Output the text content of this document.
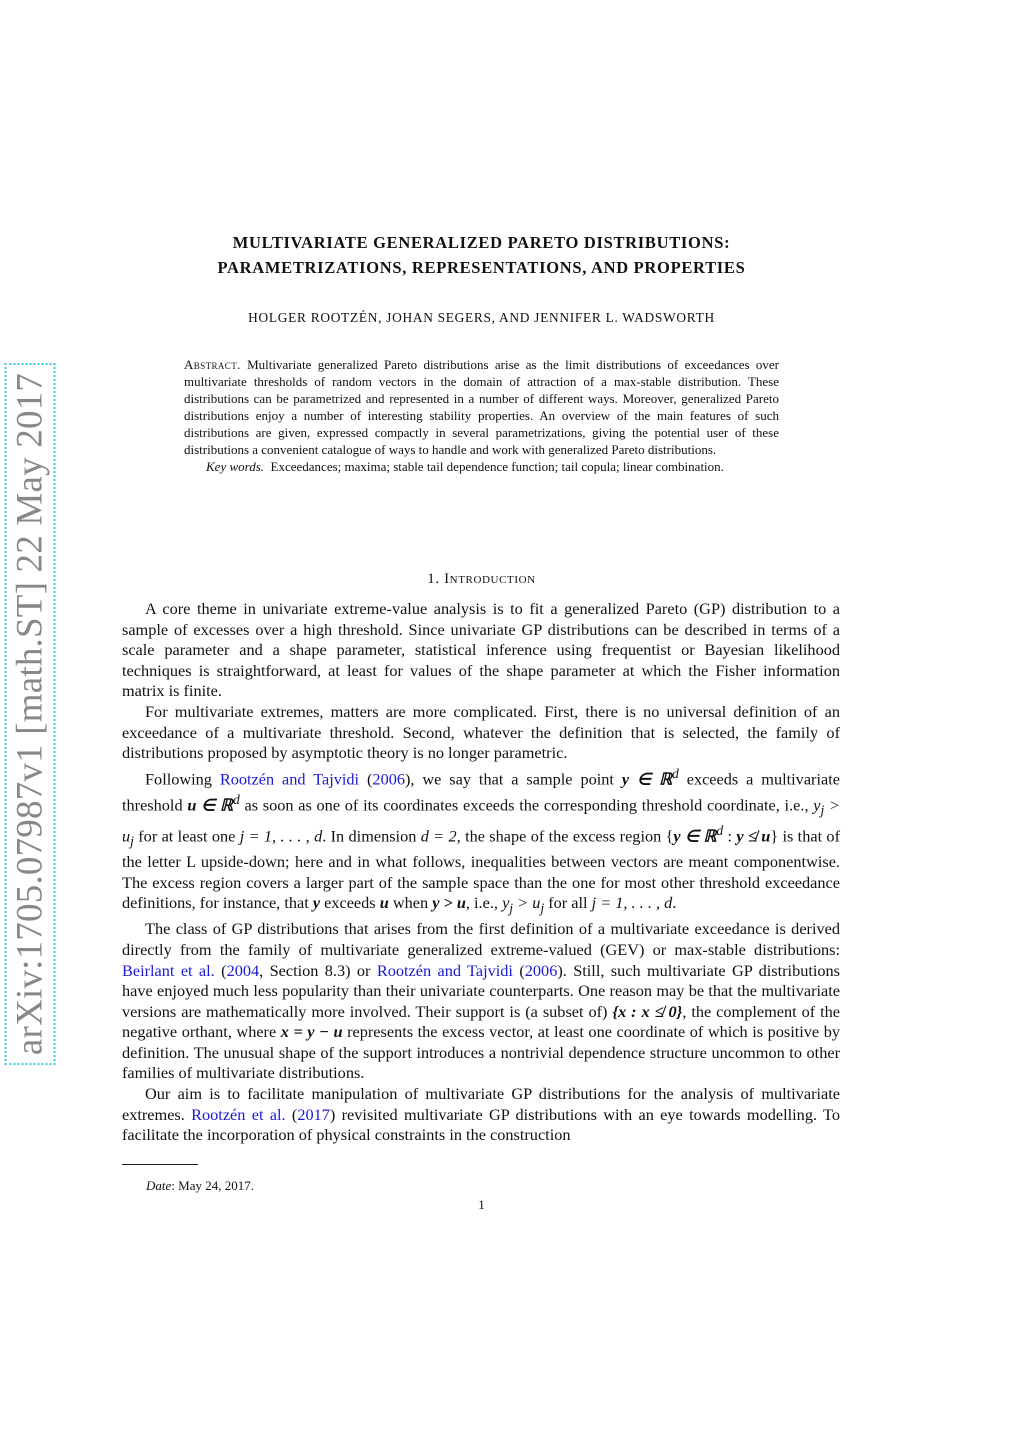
arXiv:1705.07987v1 [math.ST] 22 May 2017
MULTIVARIATE GENERALIZED PARETO DISTRIBUTIONS:
PARAMETRIZATIONS, REPRESENTATIONS, AND PROPERTIES
HOLGER ROOTZÉN, JOHAN SEGERS, AND JENNIFER L. WADSWORTH

Abstract. Multivariate generalized Pareto distributions arise as the limit distributions of exceedances over multivariate thresholds of random vectors in the domain of attraction of a max-stable distribution. These distributions can be parametrized and represented in a number of different ways. Moreover, generalized Pareto distributions enjoy a number of interesting stability properties. An overview of the main features of such distributions are given, expressed compactly in several parametrizations, giving the potential user of these distributions a convenient catalogue of ways to handle and work with generalized Pareto distributions.

Key words. Exceedances; maxima; stable tail dependence function; tail copula; linear combination.

1. Introduction

A core theme in univariate extreme-value analysis is to fit a generalized Pareto (GP) distribution to a sample of excesses over a high threshold. Since univariate GP distributions can be described in terms of a scale parameter and a shape parameter, statistical inference using frequentist or Bayesian likelihood techniques is straightforward, at least for values of the shape parameter at which the Fisher information matrix is finite.

For multivariate extremes, matters are more complicated. First, there is no universal definition of an exceedance of a multivariate threshold. Second, whatever the definition that is selected, the family of distributions proposed by asymptotic theory is no longer parametric.

Following Rootzén and Tajvidi (2006), we say that a sample point y ∈ ℝ$^d$ exceeds a multivariate threshold u ∈ ℝ$^d$ as soon as one of its coordinates exceeds the corresponding threshold coordinate, i.e., $y_j > u_j$ for at least one j = 1, . . . , d. In dimension d = 2, the shape of the excess region {y ∈ ℝ$^d$ : y ≰ u} is that of the letter L upside-down; here and in what follows, inequalities between vectors are meant componentwise. The excess region covers a larger part of the sample space than the one for most other threshold exceedance definitions, for instance, that y exceeds u when y > u, i.e., $y_j > u_j$ for all j = 1, . . . , d.

The class of GP distributions that arises from the first definition of a multivariate exceedance is derived directly from the family of multivariate generalized extreme-valued (GEV) or max-stable distributions: Beirlant et al. (2004, Section 8.3) or Rootzén and Tajvidi (2006). Still, such multivariate GP distributions have enjoyed much less popularity than their univariate counterparts. One reason may be that the multivariate versions are mathematically more involved. Their support is (a subset of) {x : x ≰ 0}, the complement of the negative orthant, where x = y − u represents the excess vector, at least one coordinate of which is positive by definition. The unusual shape of the support introduces a nontrivial dependence structure uncommon to other families of multivariate distributions.

Our aim is to facilitate manipulation of multivariate GP distributions for the analysis of multivariate extremes. Rootzén et al. (2017) revisited multivariate GP distributions with an eye towards modelling. To facilitate the incorporation of physical constraints in the construction

Date: May 24, 2017.
1
